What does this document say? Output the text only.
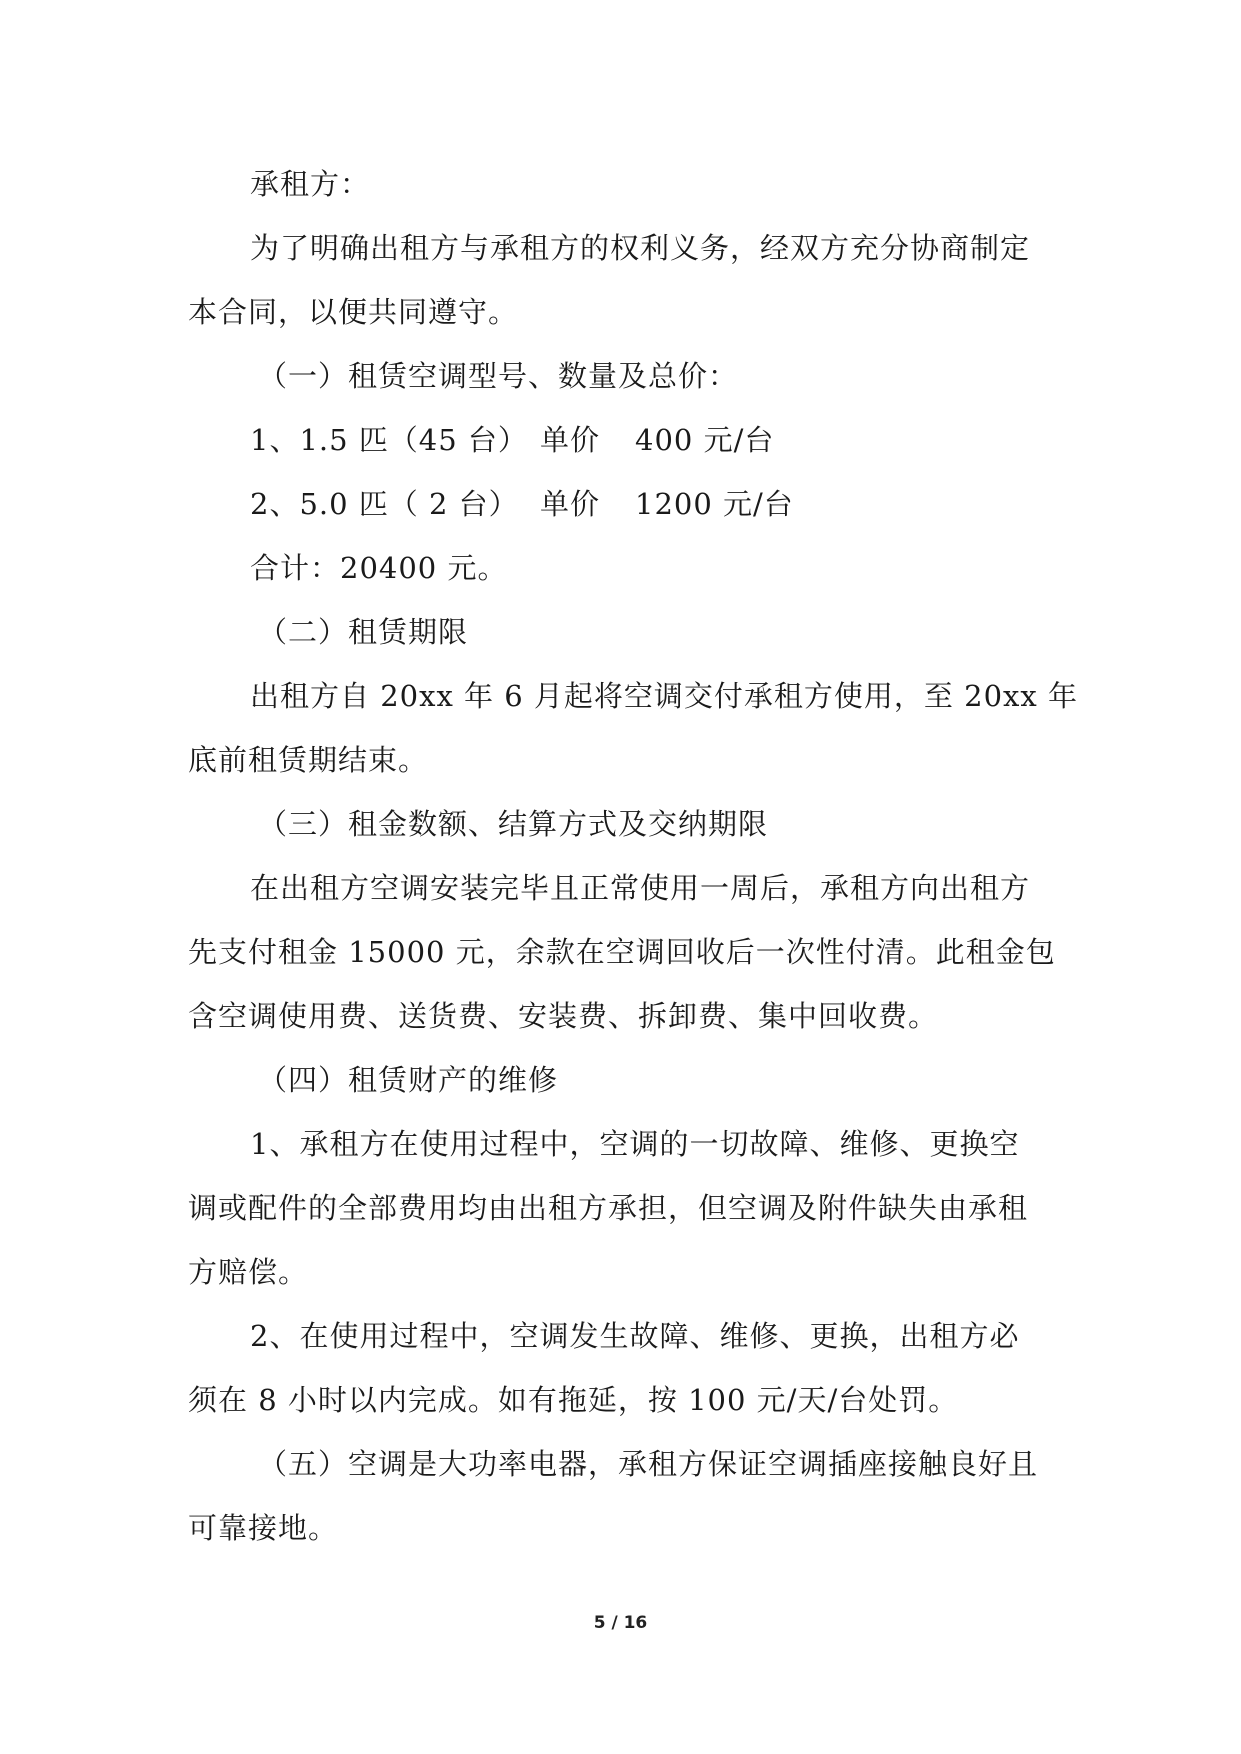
承租方：
为了明确出租方与承租方的权利义务，经双方充分协商制定
本合同，以便共同遵守。
（一）租赁空调型号、数量及总价：
1、1.5 匹（45 台） 单价 400 元/台
2、5.0 匹（ 2 台） 单价 1200 元/台
合计：20400 元。
（二）租赁期限
出租方自 20xx 年 6 月起将空调交付承租方使用，至 20xx 年
底前租赁期结束。
（三）租金数额、结算方式及交纳期限
在出租方空调安装完毕且正常使用一周后，承租方向出租方
先支付租金 15000 元，余款在空调回收后一次性付清。此租金包
含空调使用费、送货费、安装费、拆卸费、集中回收费。
（四）租赁财产的维修
1、承租方在使用过程中，空调的一切故障、维修、更换空
调或配件的全部费用均由出租方承担，但空调及附件缺失由承租
方赔偿。
2、在使用过程中，空调发生故障、维修、更换，出租方必
须在 8 小时以内完成。如有拖延，按 100 元/天/台处罚。
（五）空调是大功率电器，承租方保证空调插座接触良好且
可靠接地。
5 / 16
